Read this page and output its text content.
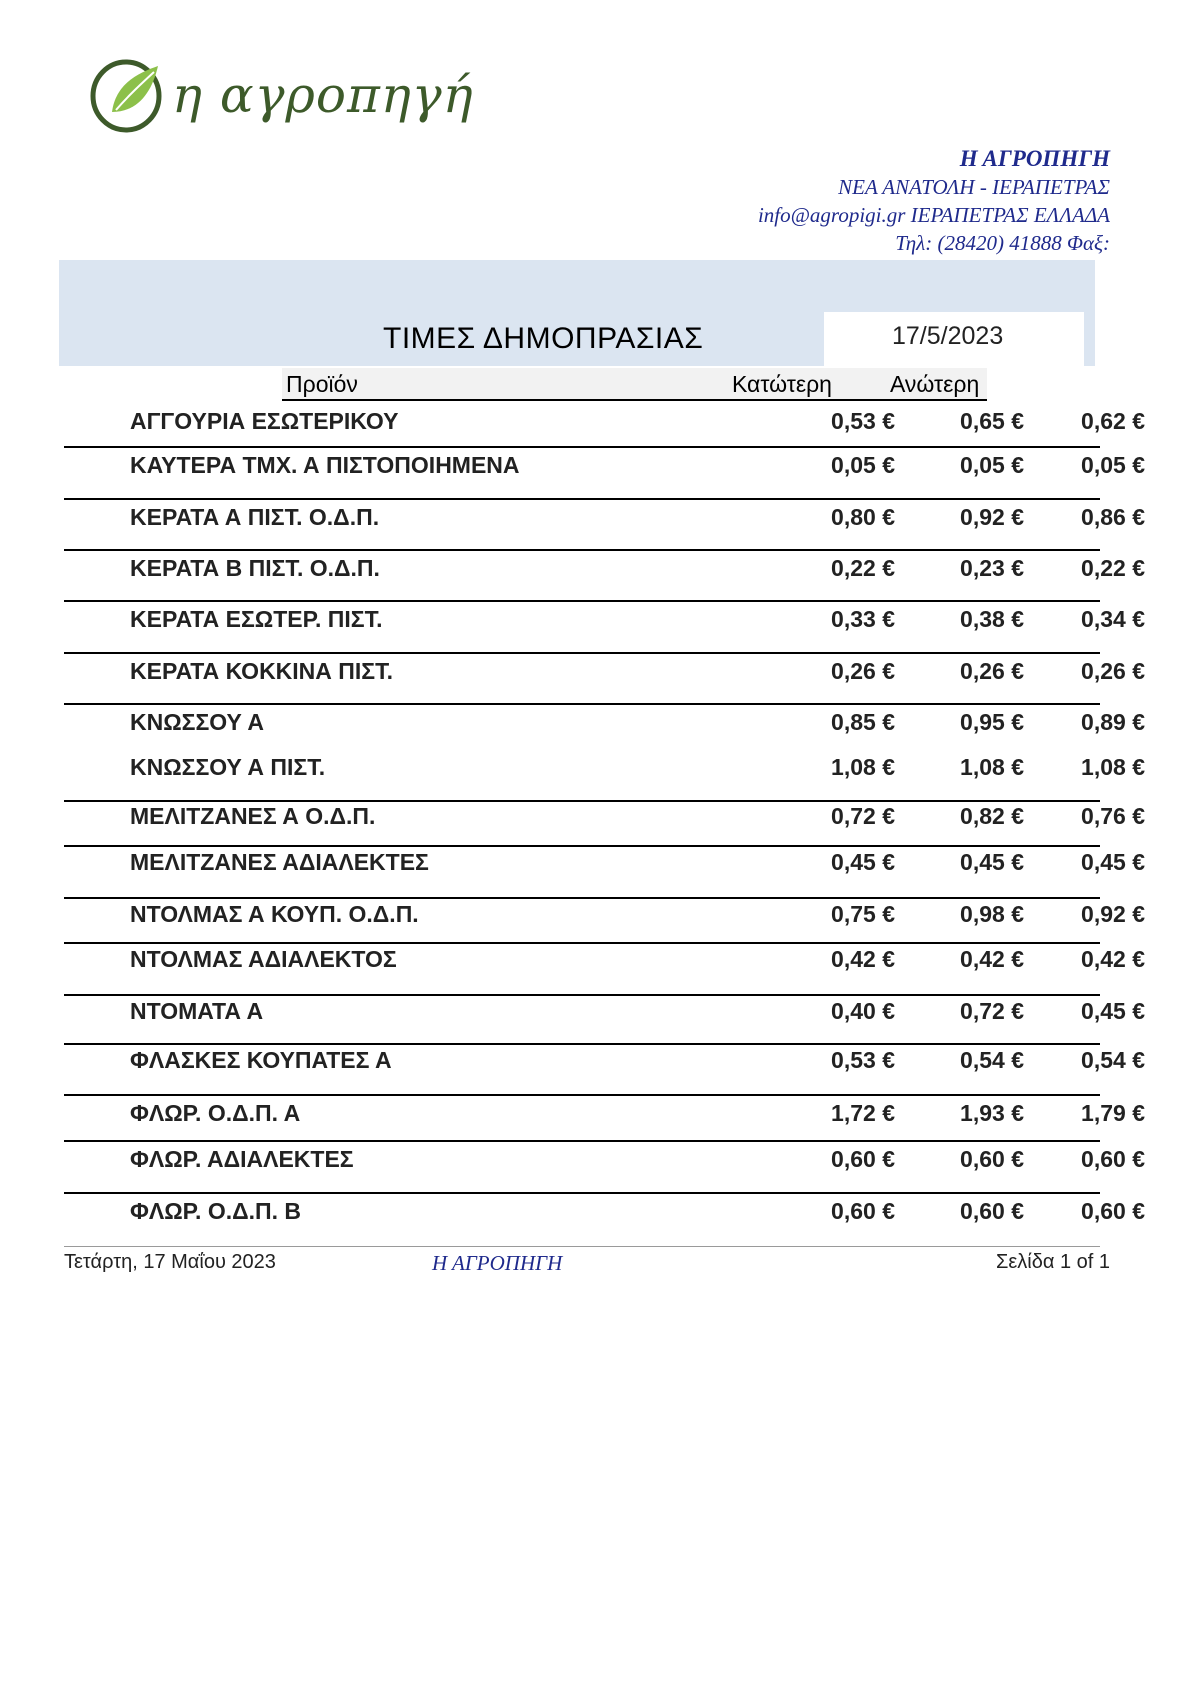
η αγροπηγή
Η ΑΓΡΟΠΗΓΗ
ΝΕΑ ΑΝΑΤΟΛΗ - ΙΕΡΑΠΕΤΡΑΣ
info@agropigi.gr ΙΕΡΑΠΕΤΡΑΣ ΕΛΛΑΔΑ
Τηλ: (28420) 41888 Φαξ:
ΤΙΜΕΣ ΔΗΜΟΠΡΑΣΙΑΣ	17/5/2023
Προϊόν	Κατώτερη	Ανώτερη
ΑΓΓΟΥΡΙΑ ΕΣΩΤΕΡΙΚΟΥ	0,53 €	0,65 €	0,62 €
ΚΑΥΤΕΡΑ ΤΜΧ. Α ΠΙΣΤΟΠΟΙΗΜΕΝΑ	0,05 €	0,05 €	0,05 €
ΚΕΡΑΤΑ Α ΠΙΣΤ. Ο.Δ.Π.	0,80 €	0,92 €	0,86 €
ΚΕΡΑΤΑ Β ΠΙΣΤ. Ο.Δ.Π.	0,22 €	0,23 €	0,22 €
ΚΕΡΑΤΑ ΕΣΩΤΕΡ. ΠΙΣΤ.	0,33 €	0,38 €	0,34 €
ΚΕΡΑΤΑ ΚΟΚΚΙΝΑ ΠΙΣΤ.	0,26 €	0,26 €	0,26 €
ΚΝΩΣΣΟΥ Α	0,85 €	0,95 €	0,89 €
ΚΝΩΣΣΟΥ Α ΠΙΣΤ.	1,08 €	1,08 €	1,08 €
ΜΕΛΙΤΖΑΝΕΣ Α Ο.Δ.Π.	0,72 €	0,82 €	0,76 €
ΜΕΛΙΤΖΑΝΕΣ ΑΔΙΑΛΕΚΤΕΣ	0,45 €	0,45 €	0,45 €
ΝΤΟΛΜΑΣ Α ΚΟΥΠ. Ο.Δ.Π.	0,75 €	0,98 €	0,92 €
ΝΤΟΛΜΑΣ ΑΔΙΑΛΕΚΤΟΣ	0,42 €	0,42 €	0,42 €
ΝΤΟΜΑΤΑ Α	0,40 €	0,72 €	0,45 €
ΦΛΑΣΚΕΣ ΚΟΥΠΑΤΕΣ Α	0,53 €	0,54 €	0,54 €
ΦΛΩΡ. Ο.Δ.Π. Α	1,72 €	1,93 €	1,79 €
ΦΛΩΡ. ΑΔΙΑΛΕΚΤΕΣ	0,60 €	0,60 €	0,60 €
ΦΛΩΡ. Ο.Δ.Π. Β	0,60 €	0,60 €	0,60 €
Τετάρτη, 17 Μαΐου 2023	Η ΑΓΡΟΠΗΓΗ	Σελίδα 1 of 1
